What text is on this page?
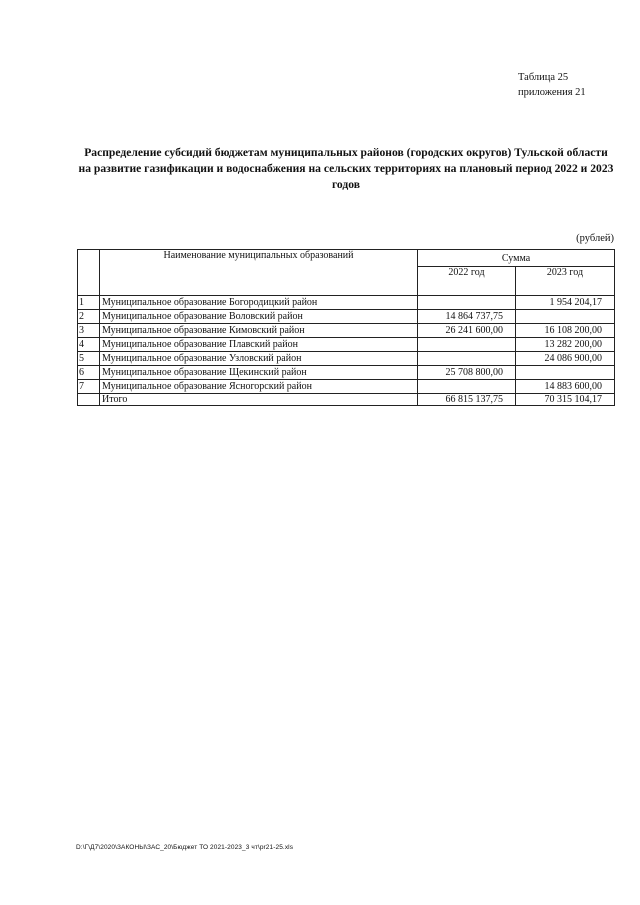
Таблица 25
приложения 21
Распределение субсидий бюджетам муниципальных районов (городских округов) Тульской области на развитие газификации и водоснабжения на сельских территориях на плановый период 2022 и 2023 годов
(рублей)
	Наименование муниципальных образований	Сумма	
		2022 год	2023 год
1	Муниципальное образование Богородицкий район		1 954 204,17
2	Муниципальное образование Воловский район	14 864 737,75	
3	Муниципальное образование Кимовский район	26 241 600,00	16 108 200,00
4	Муниципальное образование Плавский район		13 282 200,00
5	Муниципальное образование Узловский район		24 086 900,00
6	Муниципальное образование Щекинский район	25 708 800,00	
7	Муниципальное образование Ясногорский район		14 883 600,00
	Итого	66 815 137,75	70 315 104,17
D:\Г\Д7\2020\ЗАКОНЫ\ЗАС_20\Бюджет ТО 2021-2023_3 чт\pr21-25.xls
